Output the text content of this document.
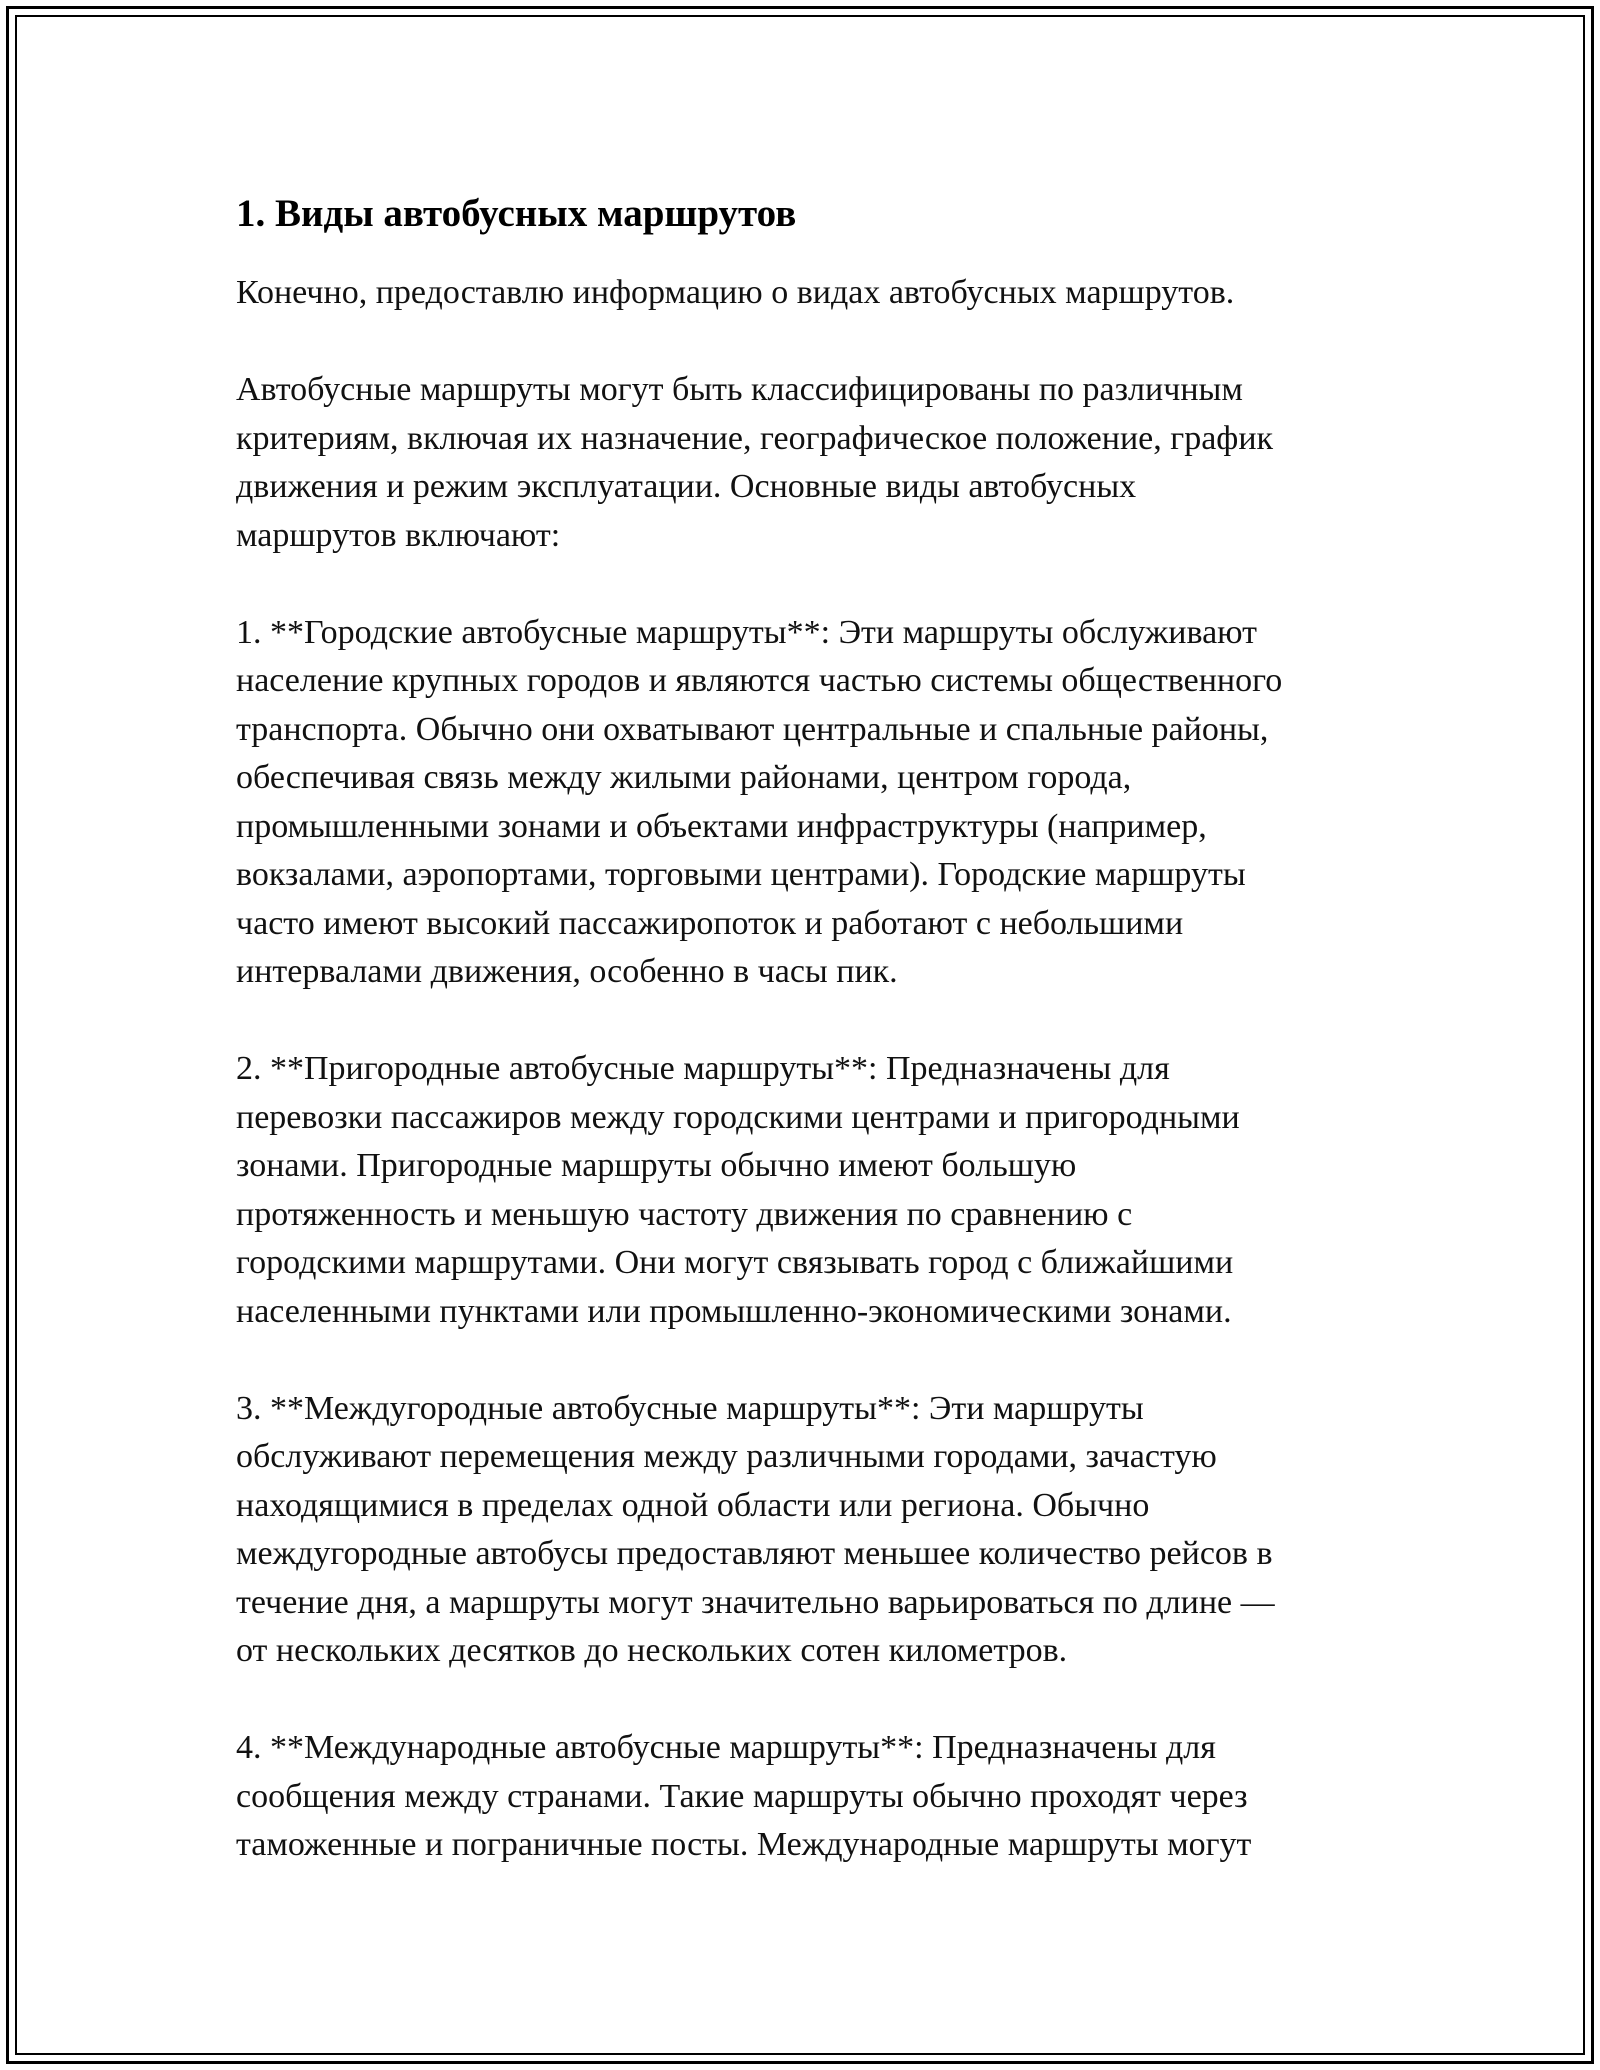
1. Виды автобусных маршрутов

Конечно, предоставлю информацию о видах автобусных маршрутов.

Автобусные маршруты могут быть классифицированы по различным
критериям, включая их назначение, географическое положение, график
движения и режим эксплуатации. Основные виды автобусных
маршрутов включают:

1. **Городские автобусные маршруты**: Эти маршруты обслуживают
население крупных городов и являются частью системы общественного
транспорта. Обычно они охватывают центральные и спальные районы,
обеспечивая связь между жилыми районами, центром города,
промышленными зонами и объектами инфраструктуры (например,
вокзалами, аэропортами, торговыми центрами). Городские маршруты
часто имеют высокий пассажиропоток и работают с небольшими
интервалами движения, особенно в часы пик.

2. **Пригородные автобусные маршруты**: Предназначены для
перевозки пассажиров между городскими центрами и пригородными
зонами. Пригородные маршруты обычно имеют большую
протяженность и меньшую частоту движения по сравнению с
городскими маршрутами. Они могут связывать город с ближайшими
населенными пунктами или промышленно-экономическими зонами.

3. **Междугородные автобусные маршруты**: Эти маршруты
обслуживают перемещения между различными городами, зачастую
находящимися в пределах одной области или региона. Обычно
междугородные автобусы предоставляют меньшее количество рейсов в
течение дня, а маршруты могут значительно варьироваться по длине —
от нескольких десятков до нескольких сотен километров.

4. **Международные автобусные маршруты**: Предназначены для
сообщения между странами. Такие маршруты обычно проходят через
таможенные и пограничные посты. Международные маршруты могут
